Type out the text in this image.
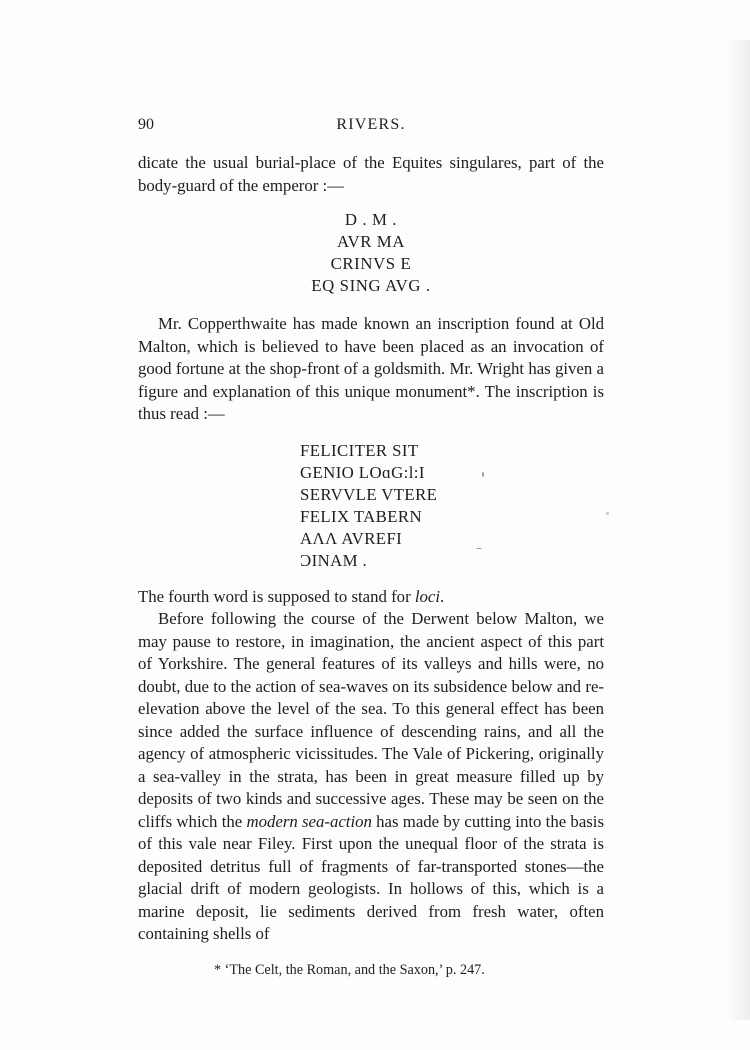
90	RIVERS.

dicate the usual burial-place of the Equites singulares, part of the body-guard of the emperor :—

D . M .
AVR MA
CRINVS E
EQ SING AVG .

Mr. Copperthwaite has made known an inscription found at Old Malton, which is believed to have been placed as an invocation of good fortune at the shop-front of a goldsmith. Mr. Wright has given a figure and explanation of this unique monument*. The inscription is thus read :—

FELICITER SIT
GENIO LOɑG:l:I
SERVVLE VTERE
FELIX TABERN
AɅɅ AVREFI
ƆINAM .

The fourth word is supposed to stand for loci.

Before following the course of the Derwent below Malton, we may pause to restore, in imagination, the ancient aspect of this part of Yorkshire. The general features of its valleys and hills were, no doubt, due to the action of sea-waves on its subsidence below and re-elevation above the level of the sea. To this general effect has been since added the surface influence of descending rains, and all the agency of atmospheric vicissitudes. The Vale of Pickering, originally a sea-valley in the strata, has been in great measure filled up by deposits of two kinds and successive ages. These may be seen on the cliffs which the modern sea-action has made by cutting into the basis of this vale near Filey. First upon the unequal floor of the strata is deposited detritus full of fragments of far-transported stones—the glacial drift of modern geologists. In hollows of this, which is a marine deposit, lie sediments derived from fresh water, often containing shells of

* ‘The Celt, the Roman, and the Saxon,’ p. 247.
